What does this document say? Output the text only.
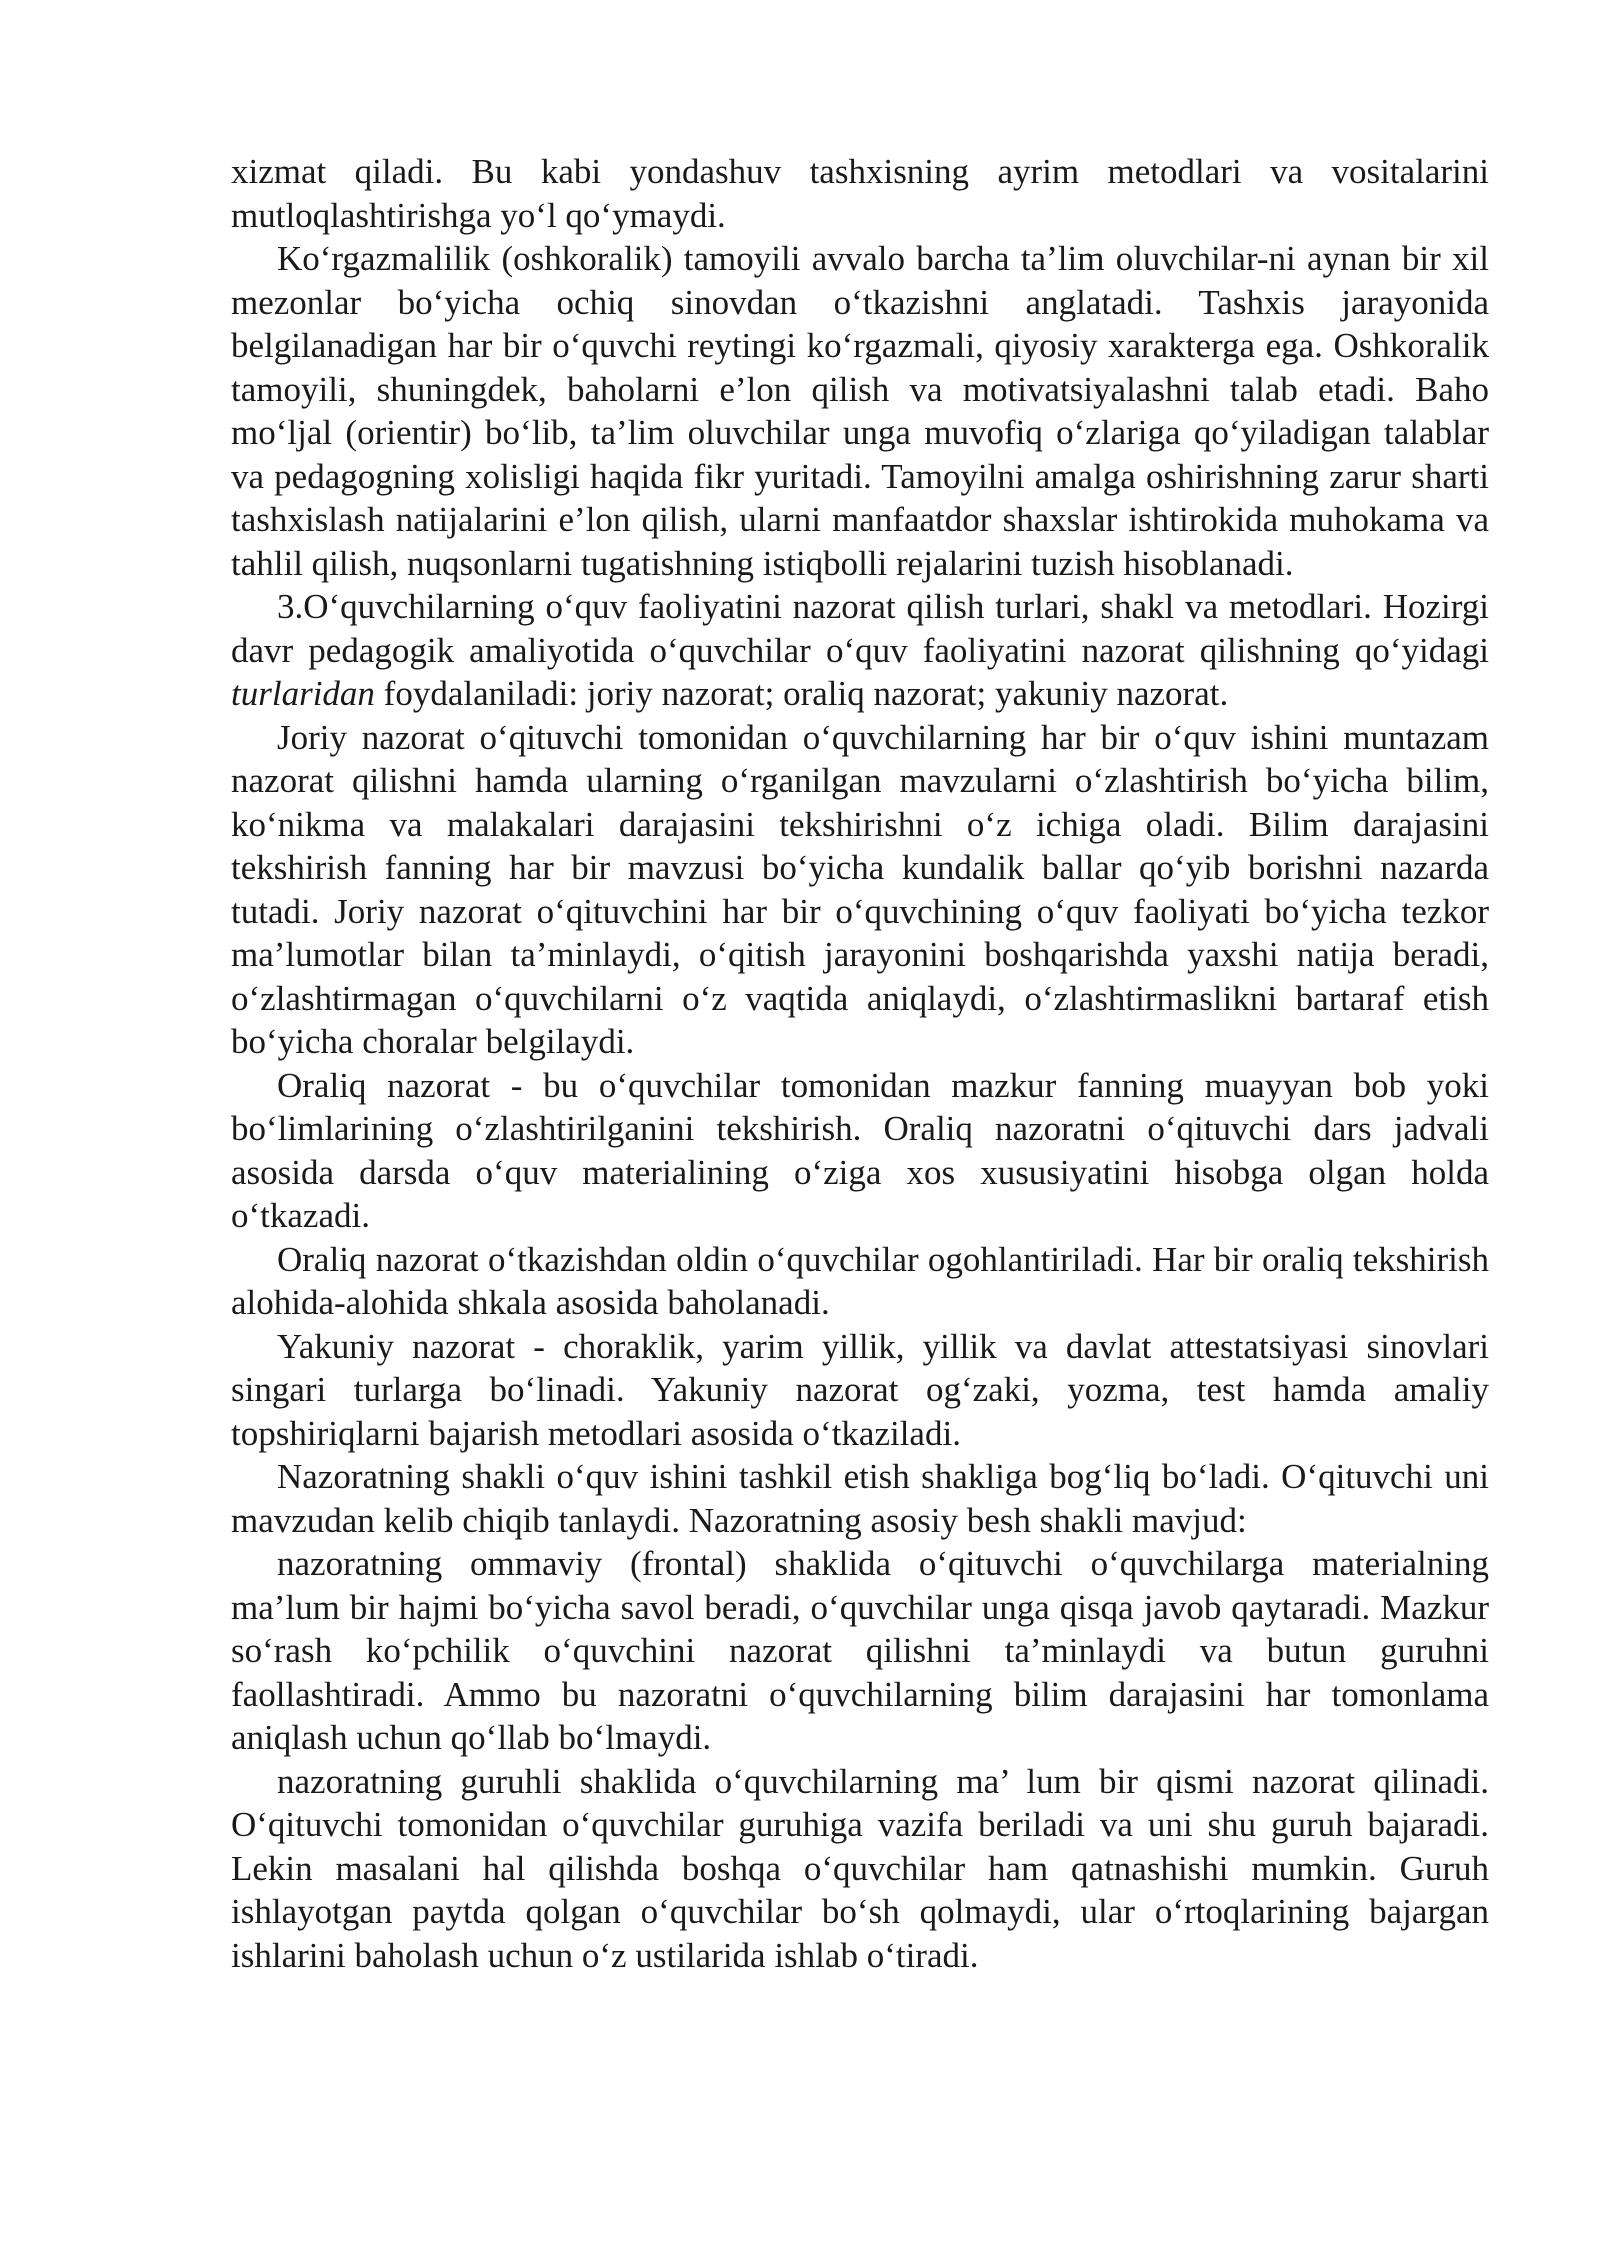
xizmat qiladi. Bu kabi yondashuv tashxisning ayrim metodlari va vositalarini mutloqlashtirishga yo‘l qo‘ymaydi.

Ko‘rgazmalilik (oshkoralik) tamoyili avvalo barcha ta’lim oluvchilar-ni aynan bir xil mezonlar bo‘yicha ochiq sinovdan o‘tkazishni anglatadi. Tashxis jarayonida belgilanadigan har bir o‘quvchi reytingi ko‘rgazmali, qiyosiy xarakterga ega. Oshkoralik tamoyili, shuningdek, baholarni e’lon qilish va motivatsiyalashni talab etadi. Baho mo‘ljal (orientir) bo‘lib, ta’lim oluvchilar unga muvofiq o‘zlariga qo‘yiladigan talablar va pedagogning xolisligi haqida fikr yuritadi. Tamoyilni amalga oshirishning zarur sharti tashxislash natijalarini e’lon qilish, ularni manfaatdor shaxslar ishtirokida muhokama va tahlil qilish, nuqsonlarni tugatishning istiqbolli rejalarini tuzish hisoblanadi.

3.O‘quvchilarning o‘quv faoliyatini nazorat qilish turlari, shakl va metodlari. Hozirgi davr pedagogik amaliyotida o‘quvchilar o‘quv faoliyatini nazorat qilishning qo‘yidagi turlaridan foydalaniladi: joriy nazorat; oraliq nazorat; yakuniy nazorat.

Joriy nazorat o‘qituvchi tomonidan o‘quvchilarning har bir o‘quv ishini muntazam nazorat qilishni hamda ularning o‘rganilgan mavzularni o‘zlashtirish bo‘yicha bilim, ko‘nikma va malakalari darajasini tekshirishni o‘z ichiga oladi. Bilim darajasini tekshirish fanning har bir mavzusi bo‘yicha kundalik ballar qo‘yib borishni nazarda tutadi. Joriy nazorat o‘qituvchini har bir o‘quvchining o‘quv faoliyati bo‘yicha tezkor ma’lumotlar bilan ta’minlaydi, o‘qitish jarayonini boshqarishda yaxshi natija beradi, o‘zlashtirmagan o‘quvchilarni o‘z vaqtida aniqlaydi, o‘zlashtirmaslikni bartaraf etish bo‘yicha choralar belgilaydi.

Oraliq nazorat - bu o‘quvchilar tomonidan mazkur fanning muayyan bob yoki bo‘limlarining o‘zlashtirilganini tekshirish. Oraliq nazoratni o‘qituvchi dars jadvali asosida darsda o‘quv materialining o‘ziga xos xususiyatini hisobga olgan holda o‘tkazadi.

Oraliq nazorat o‘tkazishdan oldin o‘quvchilar ogohlantiriladi. Har bir oraliq tekshirish alohida-alohida shkala asosida baholanadi.

Yakuniy nazorat - choraklik, yarim yillik, yillik va davlat attestatsiyasi sinovlari singari turlarga bo‘linadi. Yakuniy nazorat og‘zaki, yozma, test hamda amaliy topshiriqlarni bajarish metodlari asosida o‘tkaziladi.

Nazoratning shakli o‘quv ishini tashkil etish shakliga bog‘liq bo‘ladi. O‘qituvchi uni mavzudan kelib chiqib tanlaydi. Nazoratning asosiy besh shakli mavjud:

nazoratning ommaviy (frontal) shaklida o‘qituvchi o‘quvchilarga materialning ma’lum bir hajmi bo‘yicha savol beradi, o‘quvchilar unga qisqa javob qaytaradi. Mazkur so‘rash ko‘pchilik o‘quvchini nazorat qilishni ta’minlaydi va butun guruhni faollashtiradi. Ammo bu nazoratni o‘quvchilarning bilim darajasini har tomonlama aniqlash uchun qo‘llab bo‘lmaydi.

nazoratning guruhli shaklida o‘quvchilarning ma’ lum bir qismi nazorat qilinadi. O‘qituvchi tomonidan o‘quvchilar guruhiga vazifa beriladi va uni shu guruh bajaradi. Lekin masalani hal qilishda boshqa o‘quvchilar ham qatnashishi mumkin. Guruh ishlayotgan paytda qolgan o‘quvchilar bo‘sh qolmaydi, ular o‘rtoqlarining bajargan ishlarini baholash uchun o‘z ustilarida ishlab o‘tiradi.
